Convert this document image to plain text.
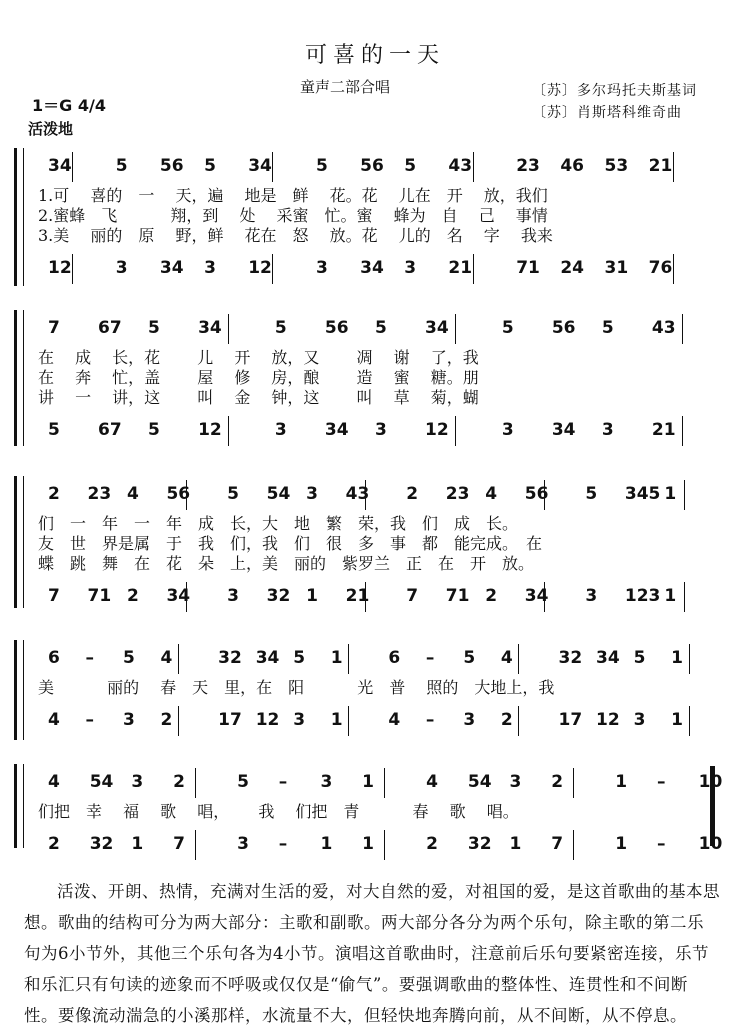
可喜的一天
童声二部合唱	〔苏〕多尔玛托夫斯基词
〔苏〕肖斯塔科维奇曲
1＝G 4/4
活泼地
34	5 56 5 34	5 56 5 43	23 46 53 21
1.可　 喜的　一　 天，遍　 地是　鲜　 花。花　 儿在　开　 放，我们
2.蜜蜂　飞　　　 翔，到　 处　 采蜜　忙。蜜　 蜂为　自　 己　 事情
3.美　 丽的　原　 野，鲜　 花在　怒　 放。花　 儿的　名　 字　 我来
12	3 34 3 12	3 34 3 21	71 24 31 76
7 67 5 34	5 56 5 34	5 56 5 43
在　 成　 长，花　　 儿　 开　 放，又　　 凋　 谢　 了，我
在　 奔　 忙，盖　　 屋　 修　 房，酿　　 造　 蜜　 糖。朋
讲　 一　 讲，这　　 叫　 金　 钟，这　　 叫　 草　 菊，蝴
5 67 5 12	3 34 3 12	3 34 3 21
2 23 4 56 5 54 3 43 2 23 4 56 5 345 1
们　一　年　一　年　成　长，大　地　繁　荣，我　们　成　长。
友　世　界是属　于　我　们，我　们　很　多　事　都　能完成。　在
蝶　跳　舞　在　花　朵　上，美　丽的　紫罗兰　正　在　开　放。
7 71 2 34 3 32 1 21 7 71 2 34 3 123 1
6 – 5 4	32 34 5 1	6 – 5 4	32 34 5 1
美　　　 丽的　 春　天　里，在　阳　　　 光　普　 照的　大地上，我
4 – 3 2	17 12 3 1	4 – 3 2	17 12 3 1
4 54 3 2	5 – 3 1	4 54 3 2	1 – 10
们把　幸　 福　 歌　 唱，　　 我　 们把　青　　　 春　 歌　 唱。
2 32 1 7	3 – 1 1	2 32 1 7	1 – 10
活泼、开朗、热情，充满对生活的爱，对大自然的爱，对祖国的爱，是这首歌曲的基本思想。歌曲的结构可分为两大部分：主歌和副歌。两大部分各分为两个乐句，除主歌的第二乐句为6小节外，其他三个乐句各为4小节。演唱这首歌曲时，注意前后乐句要紧密连接，乐节和乐汇只有句读的迹象而不呼吸或仅仅是“偷气”。要强调歌曲的整体性、连贯性和不间断性。要像流动湍急的小溪那样，水流量不大，但轻快地奔腾向前，从不间断，从不停息。
